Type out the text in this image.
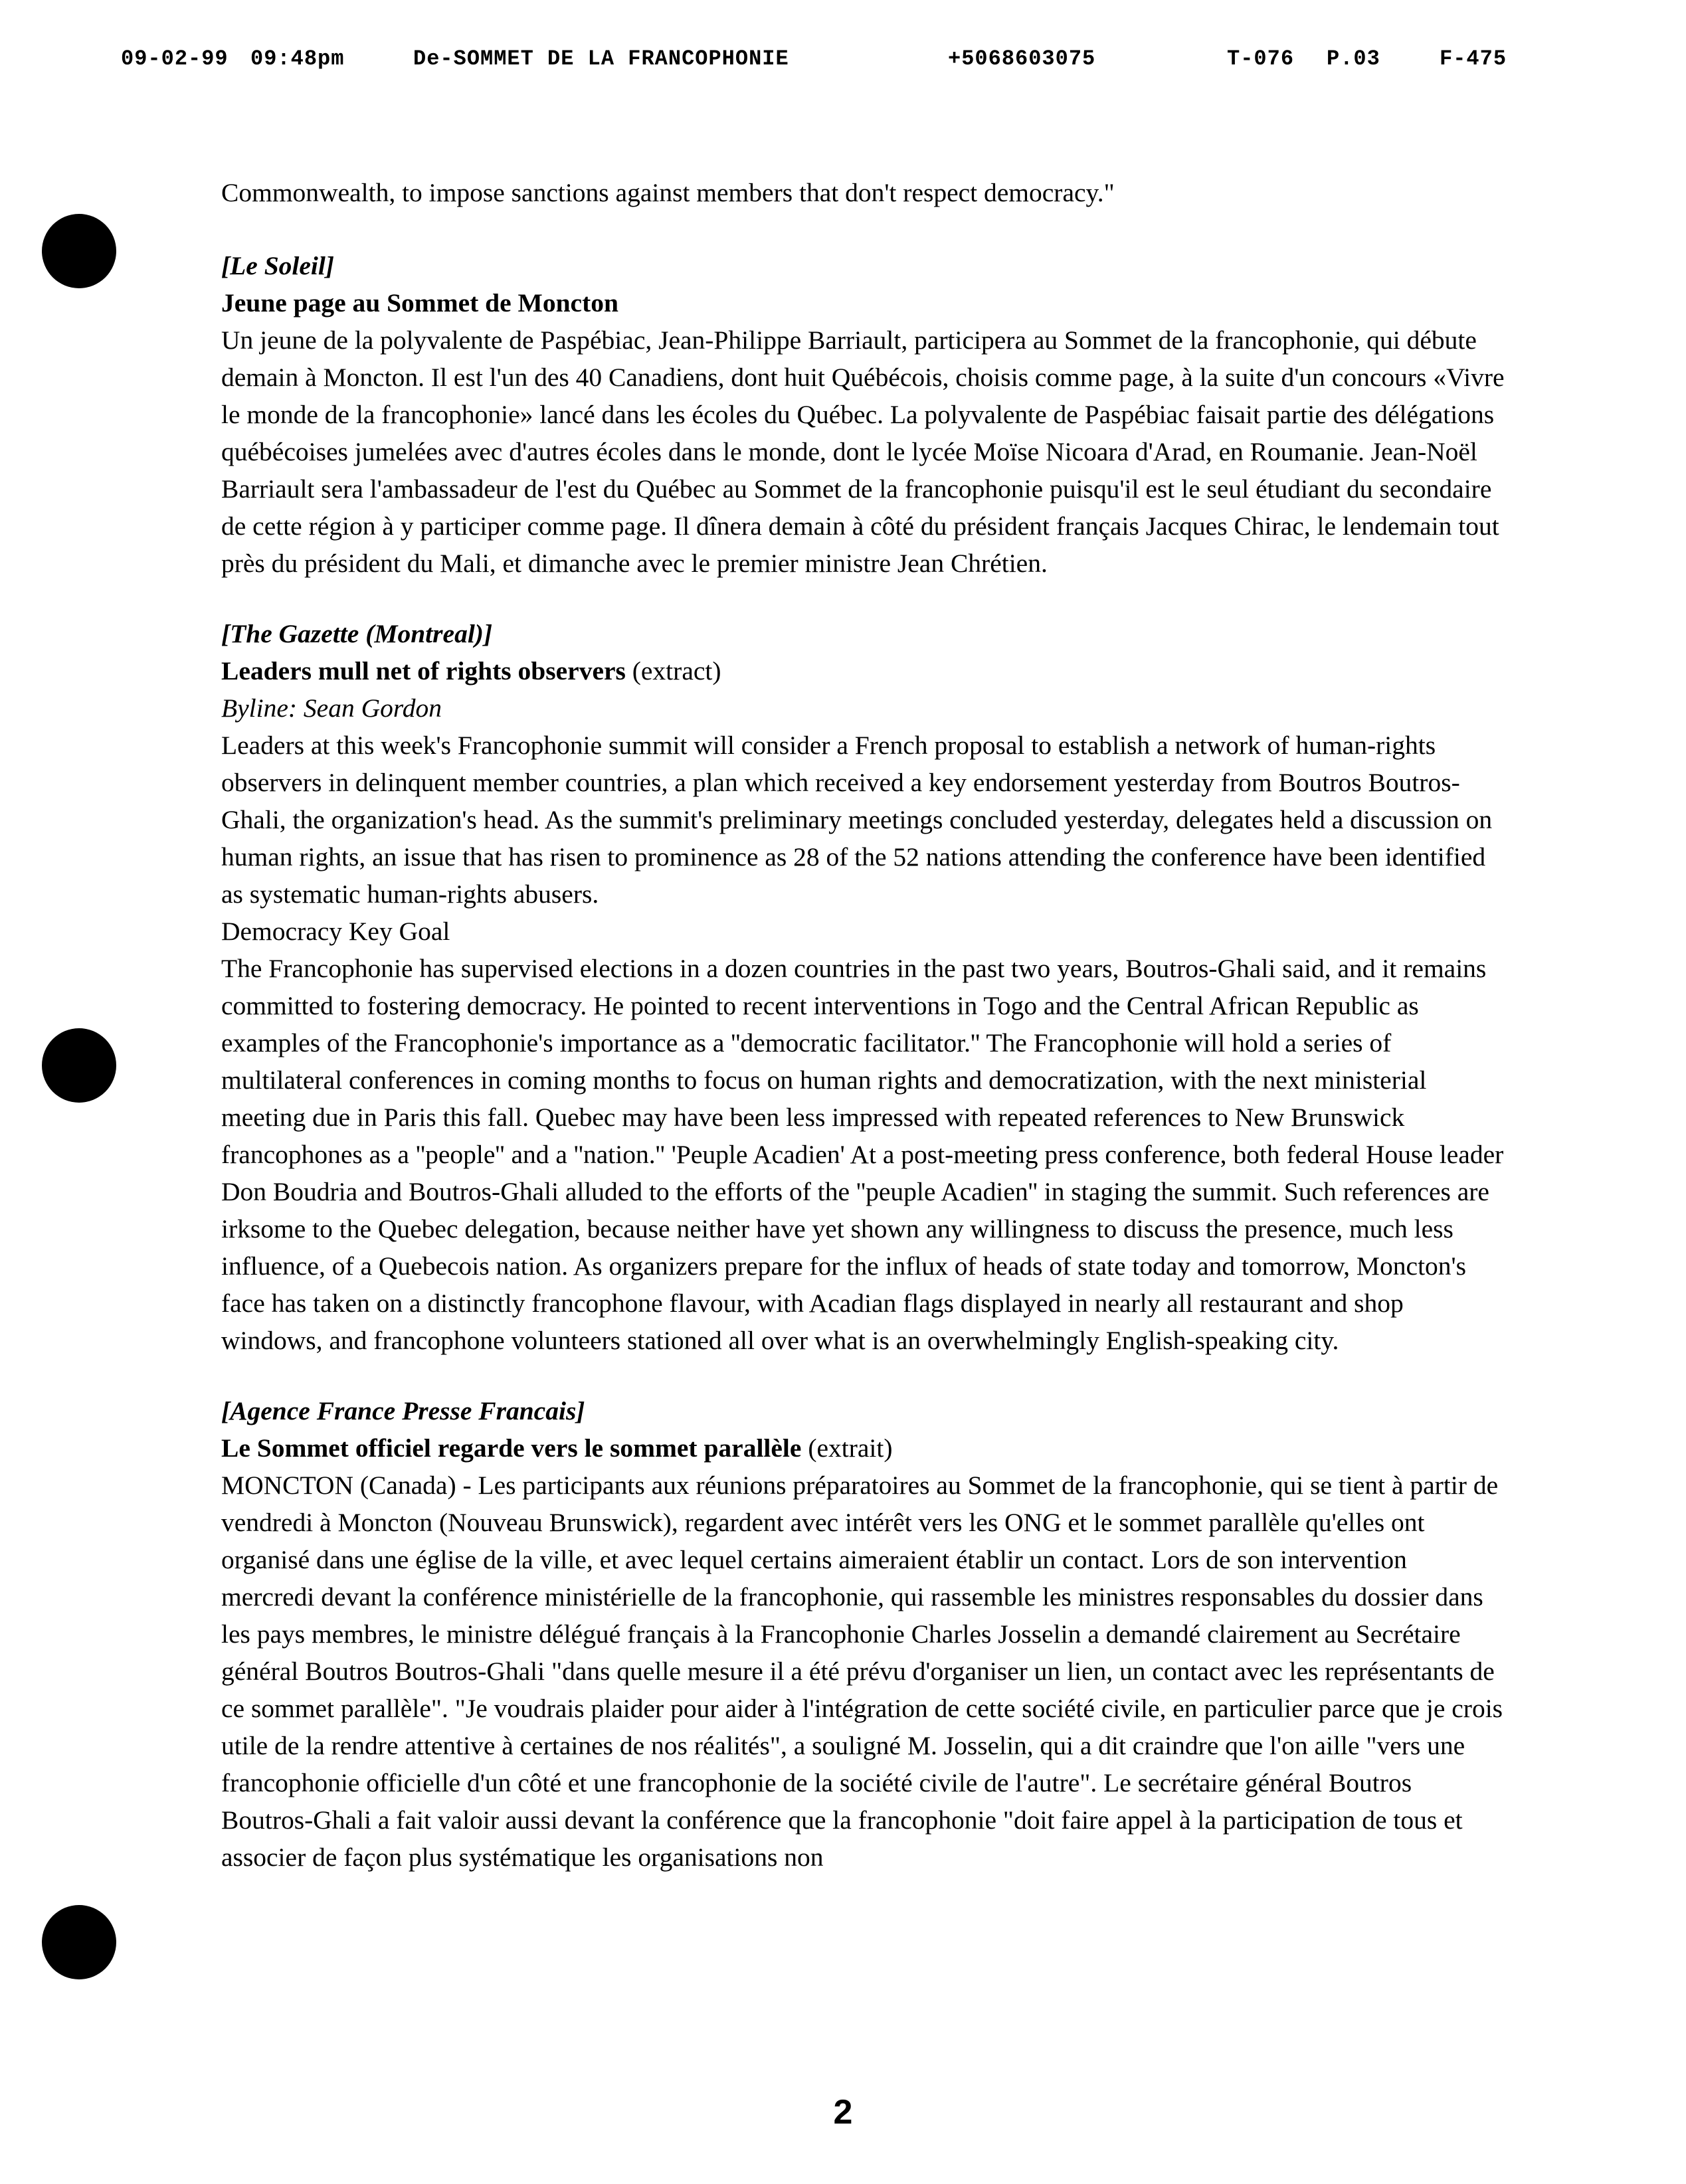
09-02-99 09:48pm	De-SOMMET DE LA FRANCOPHONIE	+5068603075	T-076 P.03	F-475

Commonwealth, to impose sanctions against members that don't respect democracy."

[Le Soleil]

Jeune page au Sommet de Moncton

Un jeune de la polyvalente de Paspébiac, Jean-Philippe Barriault, participera au Sommet de la francophonie, qui débute demain à Moncton. Il est l'un des 40 Canadiens, dont huit Québécois, choisis comme page, à la suite d'un concours «Vivre le monde de la francophonie» lancé dans les écoles du Québec. La polyvalente de Paspébiac faisait partie des délégations québécoises jumelées avec d'autres écoles dans le monde, dont le lycée Moïse Nicoara d'Arad, en Roumanie. Jean-Noël Barriault sera l'ambassadeur de l'est du Québec au Sommet de la francophonie puisqu'il est le seul étudiant du secondaire de cette région à y participer comme page. Il dînera demain à côté du président français Jacques Chirac, le lendemain tout près du président du Mali, et dimanche avec le premier ministre Jean Chrétien.

[The Gazette (Montreal)]

Leaders mull net of rights observers (extract)

Byline: Sean Gordon

Leaders at this week's Francophonie summit will consider a French proposal to establish a network of human-rights observers in delinquent member countries, a plan which received a key endorsement yesterday from Boutros Boutros-Ghali, the organization's head. As the summit's preliminary meetings concluded yesterday, delegates held a discussion on human rights, an issue that has risen to prominence as 28 of the 52 nations attending the conference have been identified as systematic human-rights abusers.

Democracy Key Goal

The Francophonie has supervised elections in a dozen countries in the past two years, Boutros-Ghali said, and it remains committed to fostering democracy. He pointed to recent interventions in Togo and the Central African Republic as examples of the Francophonie's importance as a ''democratic facilitator.'' The Francophonie will hold a series of multilateral conferences in coming months to focus on human rights and democratization, with the next ministerial meeting due in Paris this fall. Quebec may have been less impressed with repeated references to New Brunswick francophones as a ''people'' and a ''nation.'' 'Peuple Acadien' At a post-meeting press conference, both federal House leader Don Boudria and Boutros-Ghali alluded to the efforts of the ''peuple Acadien'' in staging the summit. Such references are irksome to the Quebec delegation, because neither have yet shown any willingness to discuss the presence, much less influence, of a Quebecois nation. As organizers prepare for the influx of heads of state today and tomorrow, Moncton's face has taken on a distinctly francophone flavour, with Acadian flags displayed in nearly all restaurant and shop windows, and francophone volunteers stationed all over what is an overwhelmingly English-speaking city.

[Agence France Presse Francais]

Le Sommet officiel regarde vers le sommet parallèle (extrait)

MONCTON (Canada) - Les participants aux réunions préparatoires au Sommet de la francophonie, qui se tient à partir de vendredi à Moncton (Nouveau Brunswick), regardent avec intérêt vers les ONG et le sommet parallèle qu'elles ont organisé dans une église de la ville, et avec lequel certains aimeraient établir un contact. Lors de son intervention mercredi devant la conférence ministérielle de la francophonie, qui rassemble les ministres responsables du dossier dans les pays membres, le ministre délégué français à la Francophonie Charles Josselin a demandé clairement au Secrétaire général Boutros Boutros-Ghali "dans quelle mesure il a été prévu d'organiser un lien, un contact avec les représentants de ce sommet parallèle". "Je voudrais plaider pour aider à l'intégration de cette société civile, en particulier parce que je crois utile de la rendre attentive à certaines de nos réalités", a souligné M. Josselin, qui a dit craindre que l'on aille "vers une francophonie officielle d'un côté et une francophonie de la société civile de l'autre". Le secrétaire général Boutros Boutros-Ghali a fait valoir aussi devant la conférence que la francophonie "doit faire appel à la participation de tous et associer de façon plus systématique les organisations non

2
